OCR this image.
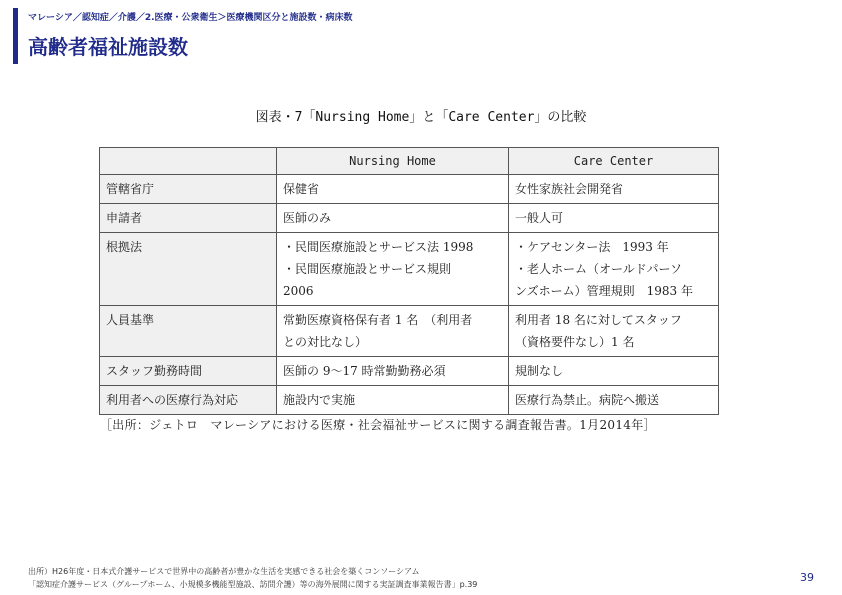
マレーシア／認知症／介護／2.医療・公衆衛生＞医療機関区分と施設数・病床数
高齢者福祉施設数
図表・7「Nursing Home」と「Care Center」の比較
	Nursing Home	Care Center
管轄省庁	保健省	女性家族社会開発省

申請者	医師のみ	一般人可

根拠法	・民間医療施設とサービス法 1998
・民間医療施設とサービス規則
2006	・ケアセンター法　1993 年
・老人ホーム（オールドパーソ
ンズホーム）管理規則　1983 年

人員基準	常勤医療資格保有者 1 名　（利用者
との対比なし）	利用者 18 名に対してスタッフ
（資格要件なし）1 名

スタッフ勤務時間	医師の 9～17 時常勤勤務必須	規制なし

利用者への医療行為対応	施設内で実施	医療行為禁止。病院へ搬送
［出所：ジェトロ　マレーシアにおける医療・社会福祉サービスに関する調査報告書。1月2014年］
出所）H26年度・日本式介護サービスで世界中の高齢者が豊かな生活を実感できる社会を築くコンソーシアム
「認知症介護サービス（グループホーム、小規模多機能型施設、訪問介護）等の海外展開に関する実証調査事業報告書」p.39
39
